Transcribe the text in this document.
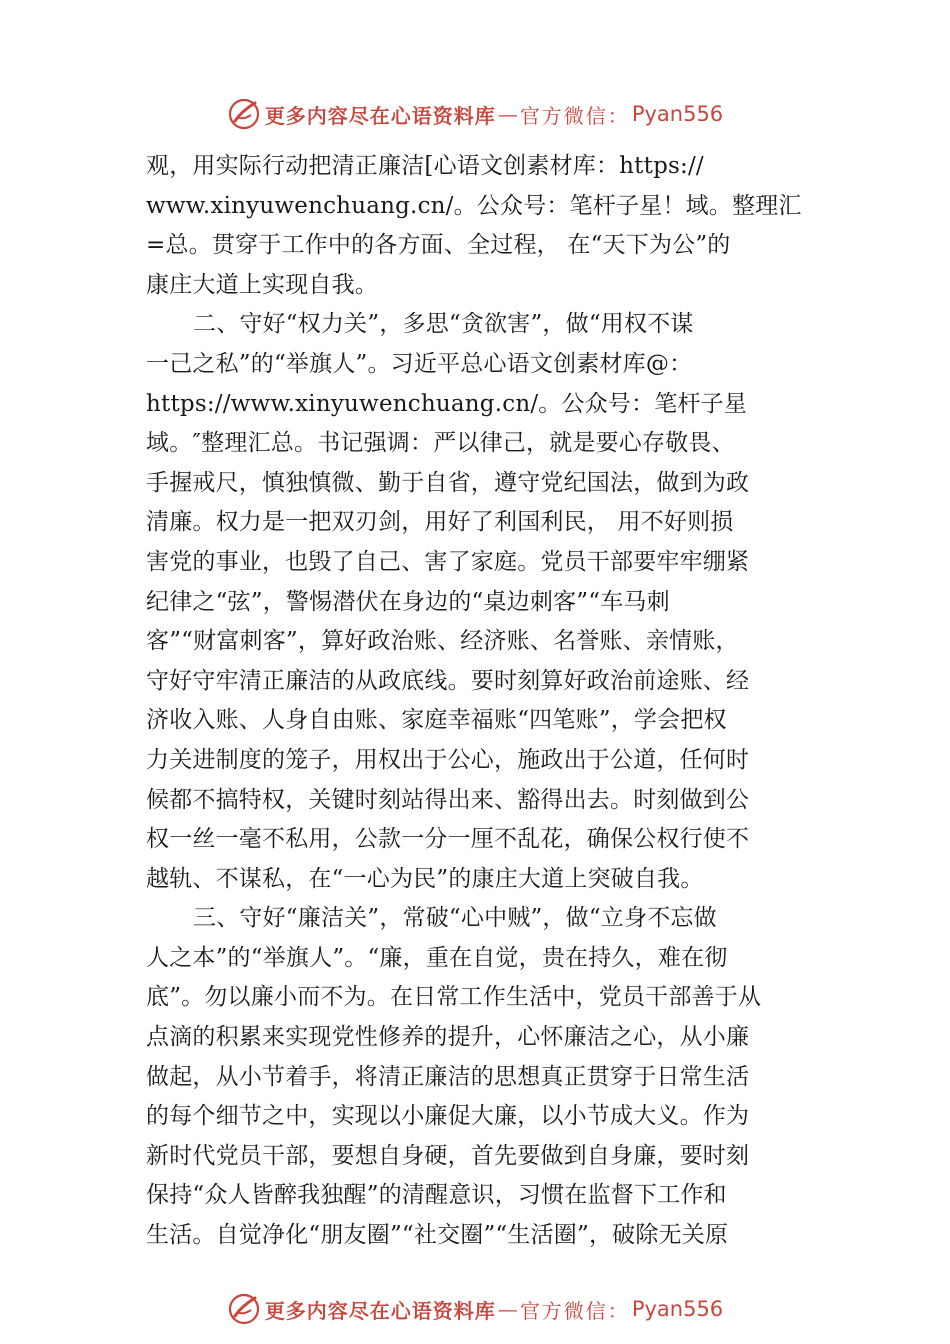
更多内容尽在心语资料库 — 官方微信： Pyan556
观，用实际行动把清正廉洁[心语文创素材库：https://
www.xinyuwenchuang.cn/。公众号：笔杆子星！域。整理汇
=总。贯穿于工作中的各方面、全过程， 在“天下为公”的
康庄大道上实现自我。
二、守好“权力关”，多思“贪欲害”，做“用权不谋
一己之私”的“举旗人”。习近平总心语文创素材库@：
https://www.xinyuwenchuang.cn/。公众号：笔杆子星
域。″整理汇总。书记强调：严以律己，就是要心存敬畏、
手握戒尺，慎独慎微、勤于自省，遵守党纪国法，做到为政
清廉。权力是一把双刃剑，用好了利国利民， 用不好则损
害党的事业，也毁了自己、害了家庭。党员干部要牢牢绷紧
纪律之“弦”，警惕潜伏在身边的“桌边刺客”“车马刺
客”“财富刺客”，算好政治账、经济账、名誉账、亲情账，
守好守牢清正廉洁的从政底线。要时刻算好政治前途账、经
济收入账、人身自由账、家庭幸福账“四笔账”，学会把权
力关进制度的笼子，用权出于公心，施政出于公道，任何时
候都不搞特权，关键时刻站得出来、豁得出去。时刻做到公
权一丝一毫不私用，公款一分一厘不乱花，确保公权行使不
越轨、不谋私，在“一心为民”的康庄大道上突破自我。
三、守好“廉洁关”，常破“心中贼”，做“立身不忘做
人之本”的“举旗人”。“廉，重在自觉，贵在持久，难在彻
底”。勿以廉小而不为。在日常工作生活中，党员干部善于从
点滴的积累来实现党性修养的提升，心怀廉洁之心，从小廉
做起，从小节着手，将清正廉洁的思想真正贯穿于日常生活
的每个细节之中，实现以小廉促大廉，以小节成大义。作为
新时代党员干部，要想自身硬，首先要做到自身廉，要时刻
保持“众人皆醉我独醒”的清醒意识，习惯在监督下工作和
生活。自觉净化“朋友圈”“社交圈”“生活圈”，破除无关原
更多内容尽在心语资料库 — 官方微信： Pyan556
